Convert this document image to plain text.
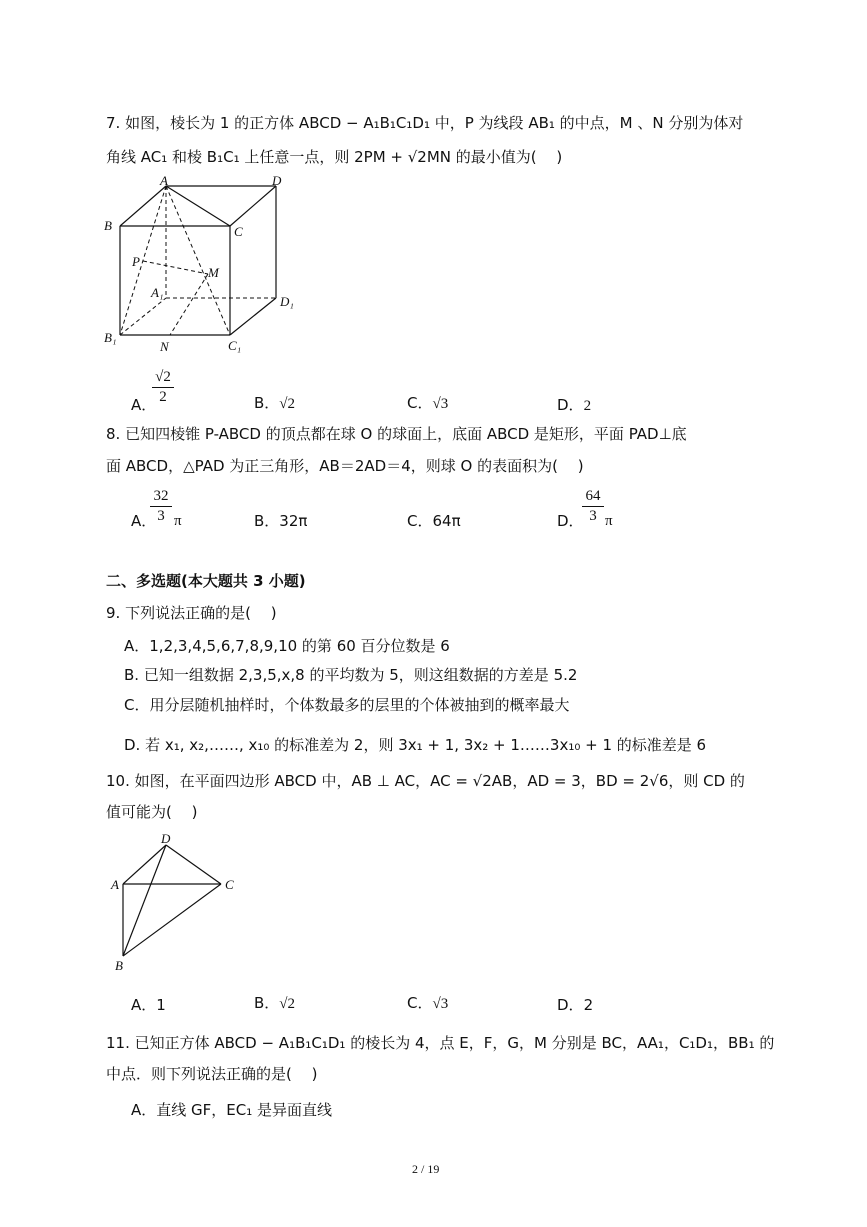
7. 如图，棱长为 1 的正方体 ABCD − A₁B₁C₁D₁ 中，P 为线段 AB₁ 的中点，M 、N 分别为体对
角线 AC₁ 和棱 B₁C₁ 上任意一点，则 2PM + √2MN 的最小值为(　 )
A	D
B	C
P
M
A₁
D₁
B₁
N	C₁
A．
√2
2	B．√2	C．√3	D．2
8. 已知四棱锥 P-ABCD 的顶点都在球 O 的球面上，底面 ABCD 是矩形，平面 PAD⊥底
面 ABCD，△PAD 为正三角形，AB＝2AD＝4，则球 O 的表面积为(　 )
A．
32
3 π	B．32π	C．64π	D．
64
3 π
二、多选题(本大题共 3 小题)
9. 下列说法正确的是(　 )
A．1,2,3,4,5,6,7,8,9,10 的第 60 百分位数是 6
B. 已知一组数据 2,3,5,x,8 的平均数为 5，则这组数据的方差是 5.2
C．用分层随机抽样时，个体数最多的层里的个体被抽到的概率最大
D. 若 x₁, x₂,……, x₁₀ 的标准差为 2，则 3x₁ + 1, 3x₂ + 1……3x₁₀ + 1 的标准差是 6
10. 如图，在平面四边形 ABCD 中，AB ⊥ AC，AC = √2AB，AD = 3，BD = 2√6，则 CD 的
值可能为(　 )
D
A	C
B
A．1	B．√2	C．√3	D．2
11. 已知正方体 ABCD − A₁B₁C₁D₁ 的棱长为 4，点 E，F，G，M 分别是 BC，AA₁，C₁D₁，BB₁ 的
中点．则下列说法正确的是(　 )
A．直线 GF，EC₁ 是异面直线
2 / 19
